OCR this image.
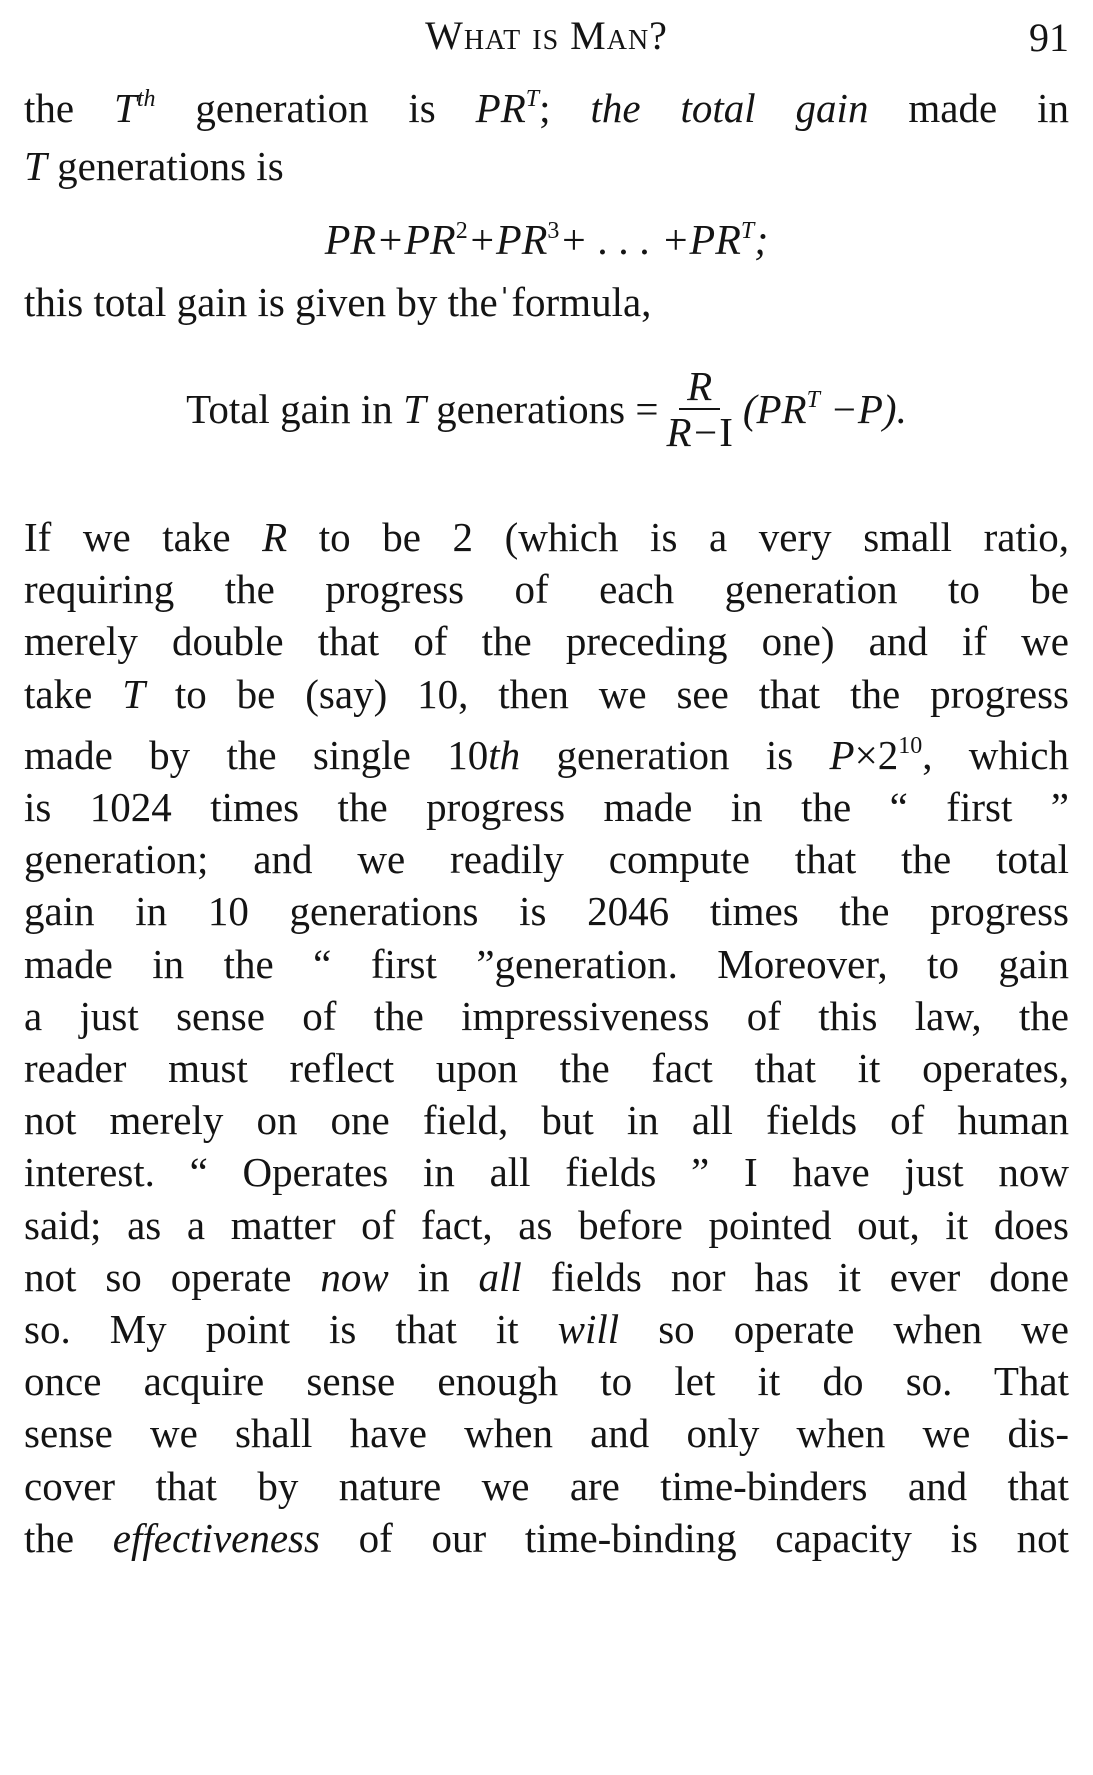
What is Man?	91
the $T^{th}$ generation is $PR^T$; the total gain made in
T generations is
$PR+PR^2+PR^3+$ . . . $+PR^T$;
this total gain is given by theˈformula,
Total gain in T generations = $\frac{R}{R-I} (PR^T -P)$.
If we take R to be 2 (which is a very small ratio,
requiring the progress of each generation to be
merely double that of the preceding one) and if we
take T to be (say) 10, then we see that the progress
made by the single 10th generation is $P\times 2^{10}$, which
is 1024 times the progress made in the “ first ”
generation; and we readily compute that the total
gain in 10 generations is 2046 times the progress
made in the “ first ”generation. Moreover, to gain
a just sense of the impressiveness of this law, the
reader must reflect upon the fact that it operates,
not merely on one field, but in all fields of human
interest. “ Operates in all fields ” I have just now
said; as a matter of fact, as before pointed out, it does
not so operate now in all fields nor has it ever done
so. My point is that it will so operate when we
once acquire sense enough to let it do so. That
sense we shall have when and only when we dis-
cover that by nature we are time-binders and that
the effectiveness of our time-binding capacity is not
